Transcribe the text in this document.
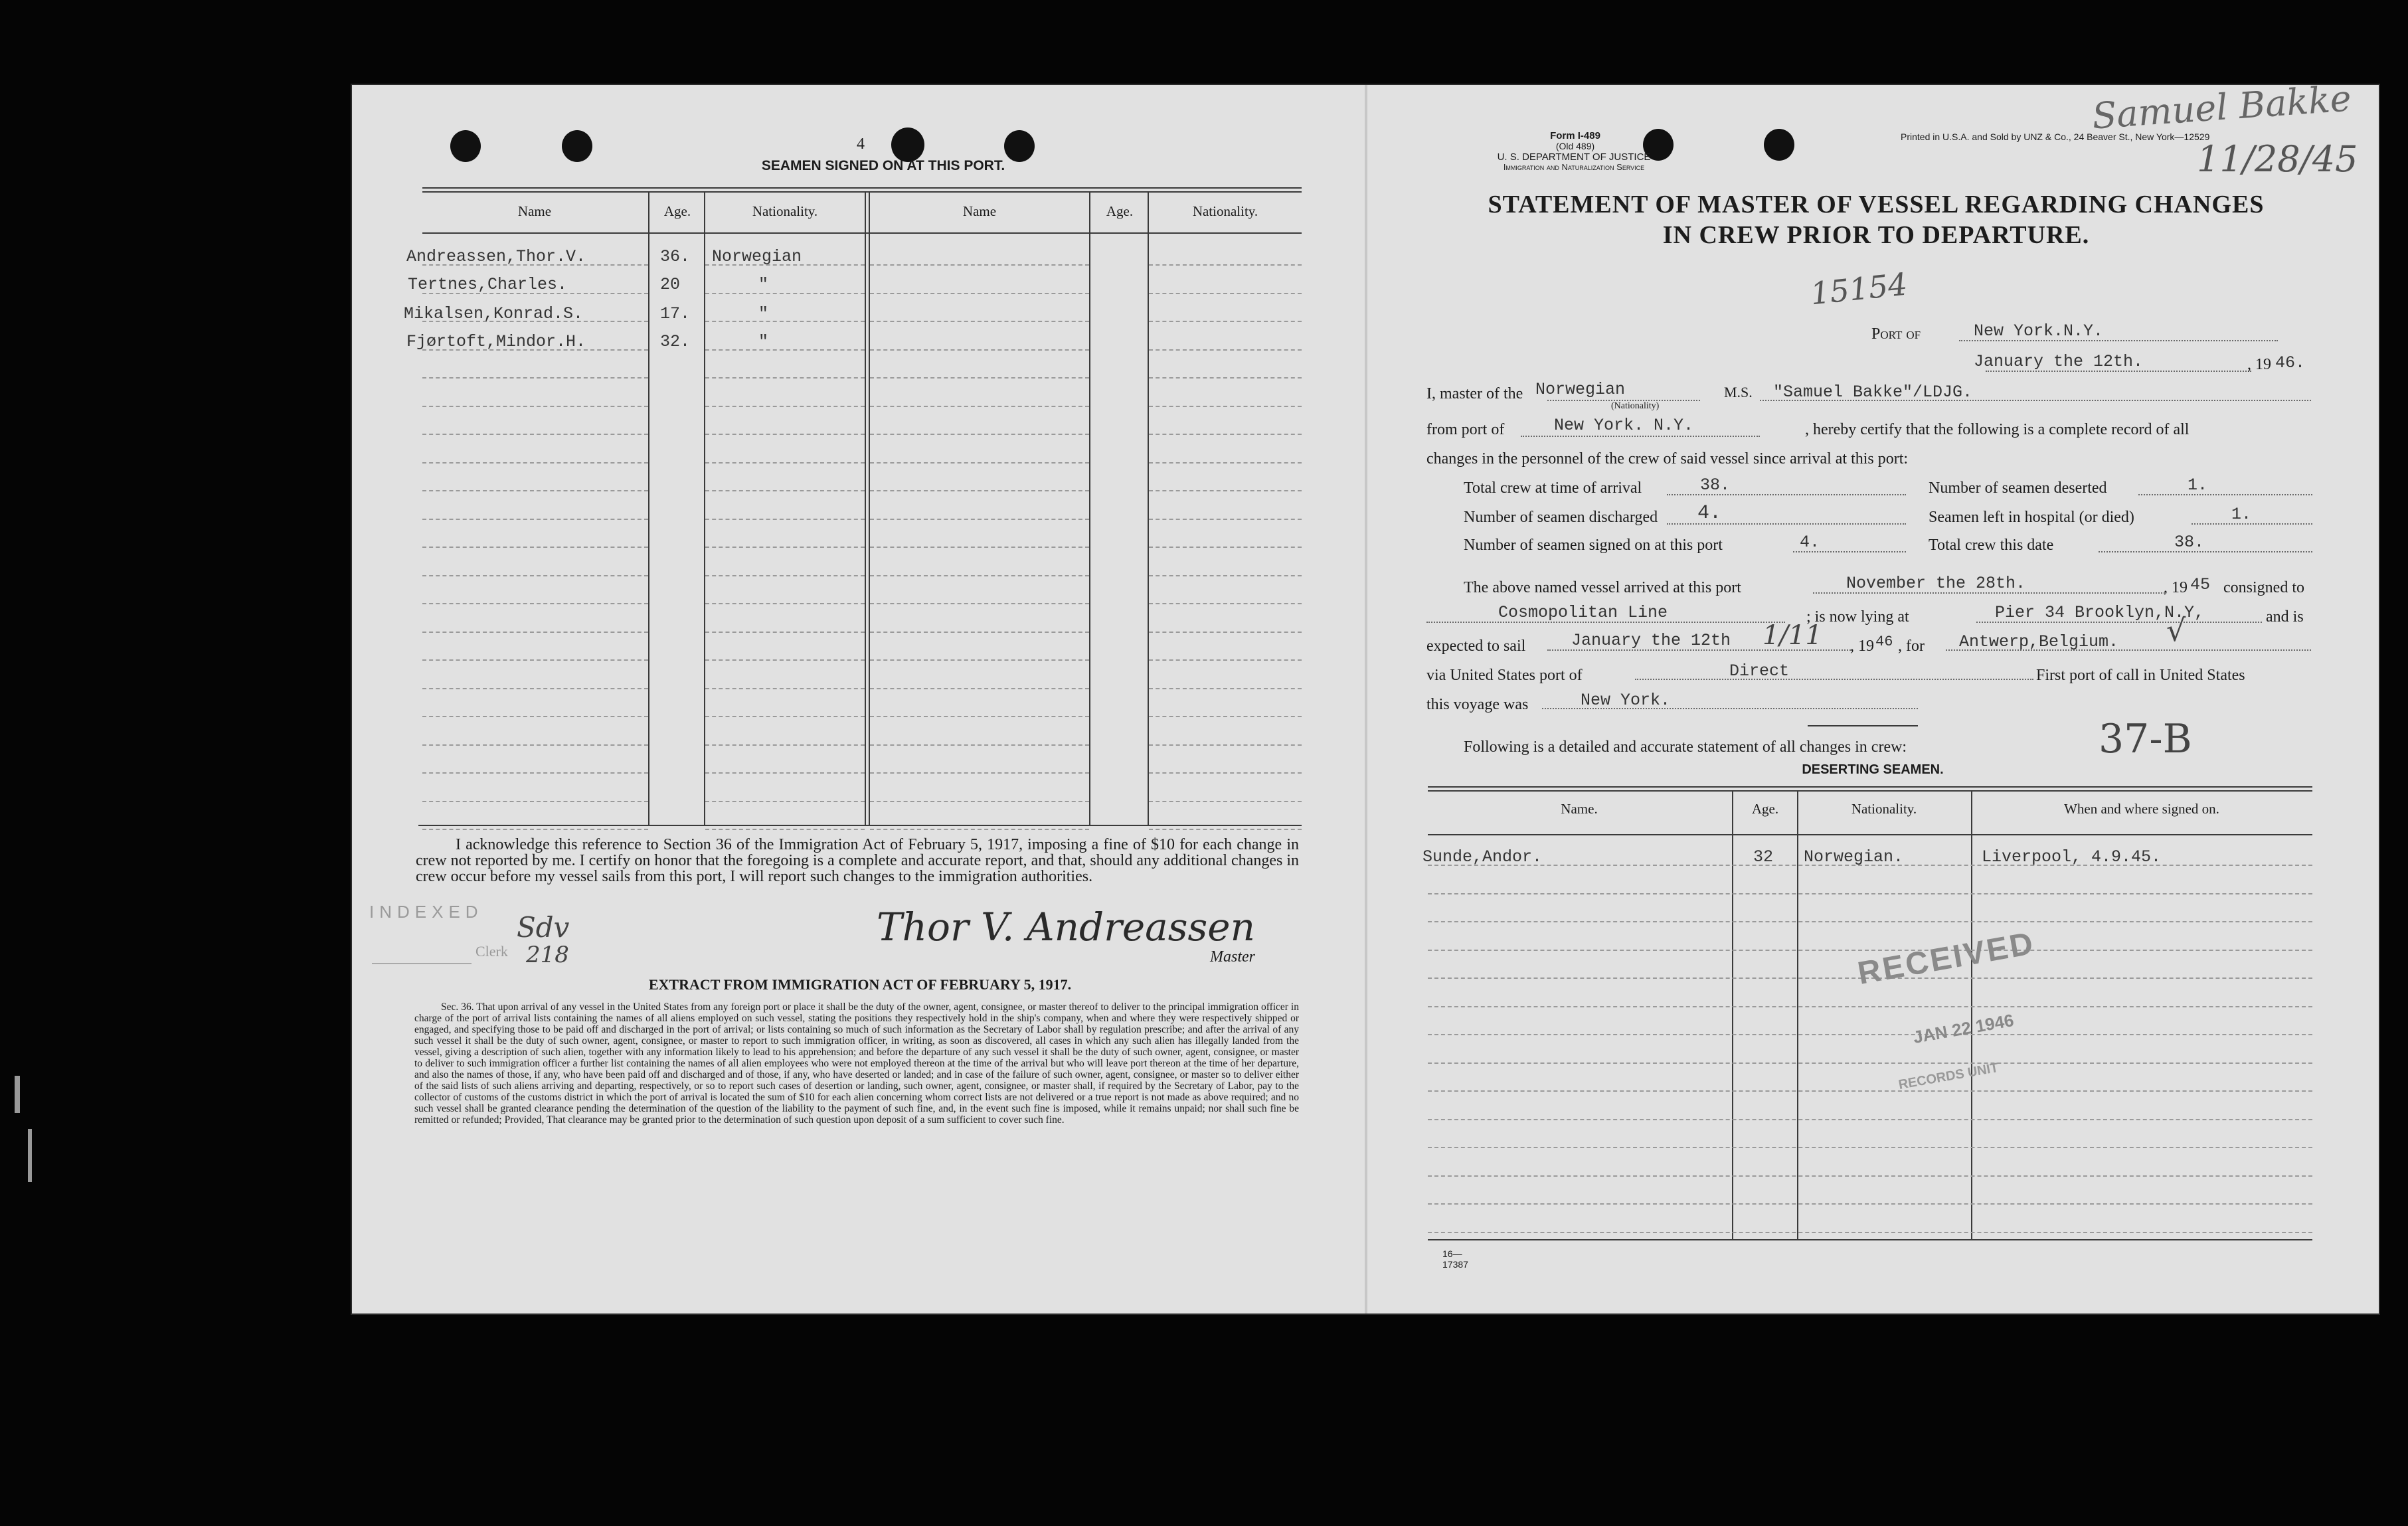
4
SEAMEN SIGNED ON AT THIS PORT.
Name	Age.	Nationality.	Name	Age.	Nationality.
Andreassen,Thor.V.	36. Norwegian
Tertnes,Charles.	20	"
Mikalsen,Konrad.S.	17.	"
Fjørtoft,Mindor.H.	32.	"
I acknowledge this reference to Section 36 of the Immigration Act of February 5, 1917, imposing a fine of $10 for each change in crew not reported by me. I certify on honor that the foregoing is a complete and accurate report, and that, should any additional changes in crew occur before my vessel sails from this port, I will report such changes to the immigration authorities.
INDEXED Sdv
218
Clerk
Thor V. Andreassen
Master
EXTRACT FROM IMMIGRATION ACT OF FEBRUARY 5, 1917.
Sec. 36. That upon arrival of any vessel in the United States from any foreign port or place it shall be the duty of the owner, agent, consignee, or master thereof to deliver to the principal immigration officer in charge of the port of arrival lists containing the names of all aliens employed on such vessel, stating the positions they respectively hold in the ship's company, when and where they were respectively shipped or engaged, and specifying those to be paid off and discharged in the port of arrival; or lists containing so much of such information as the Secretary of Labor shall by regulation prescribe; and after the arrival of any such vessel it shall be the duty of such owner, agent, consignee, or master to report to such immigration officer, in writing, as soon as discovered, all cases in which any such alien has illegally landed from the vessel, giving a description of such alien, together with any information likely to lead to his apprehension; and before the departure of any such vessel it shall be the duty of such owner, agent, consignee, or master to deliver to such immigration officer a further list containing the names of all alien employees who were not employed thereon at the time of the arrival but who will leave port thereon at the time of her departure, and also the names of those, if any, who have been paid off and discharged and of those, if any, who have deserted or landed; and in case of the failure of such owner, agent, consignee, or master so to deliver either of the said lists of such aliens arriving and departing, respectively, or so to report such cases of desertion or landing, such owner, agent, consignee, or master shall, if required by the Secretary of Labor, pay to the collector of customs of the customs district in which the port of arrival is located the sum of $10 for each alien concerning whom correct lists are not delivered or a true report is not made as above required; and no such vessel shall be granted clearance pending the determination of the question of the liability to the payment of such fine, and, in the event such fine is imposed, while it remains unpaid; nor shall such fine be remitted or refunded; Provided, That clearance may be granted prior to the determination of such question upon deposit of a sum sufficient to cover such fine.
Form I-489
(Old 489)
U. S. DEPARTMENT OF JUSTICE
Immigration and Naturalization Service
Printed in U.S.A. and Sold by UNZ & Co., 24 Beaver St., New York—12529
Samuel Bakke
11/28/45
STATEMENT OF MASTER OF VESSEL REGARDING CHANGES
IN CREW PRIOR TO DEPARTURE.
15154
Port of	New York.N.Y.
January the 12th.	, 19 46.
I, master of the Norwegian
(Nationality)
M.S. "Samuel Bakke"/LDJG.
from port of	New York. N.Y.	, hereby certify that the following is a complete record of all
changes in the personnel of the crew of said vessel since arrival at this port:
Total crew at time of arrival	38.	Number of seamen deserted	1.
Number of seamen discharged 4.	Seamen left in hospital (or died)	1.
Number of seamen signed on at this port	4.	Total crew this date	38.
The above named vessel arrived at this port	November the 28th.	, 19 45 consigned to
Cosmopolitan Line	; is now lying at	Pier 34 Brooklyn,N.Y,	and is
expected to sail	January the 12th 1/11 , 19 46 , for Antwerp,Belgium. √
via United States port of	Direct	First port of call in United States
this voyage was	New York.
Following is a detailed and accurate statement of all changes in crew:
DESERTING SEAMEN.
37-B
Name.	Age.	Nationality.	When and where signed on.
Sunde,Andor.	32 Norwegian.	Liverpool, 4.9.45.
RECEIVED
JAN 22 1946
RECORDS UNIT
16—17387
